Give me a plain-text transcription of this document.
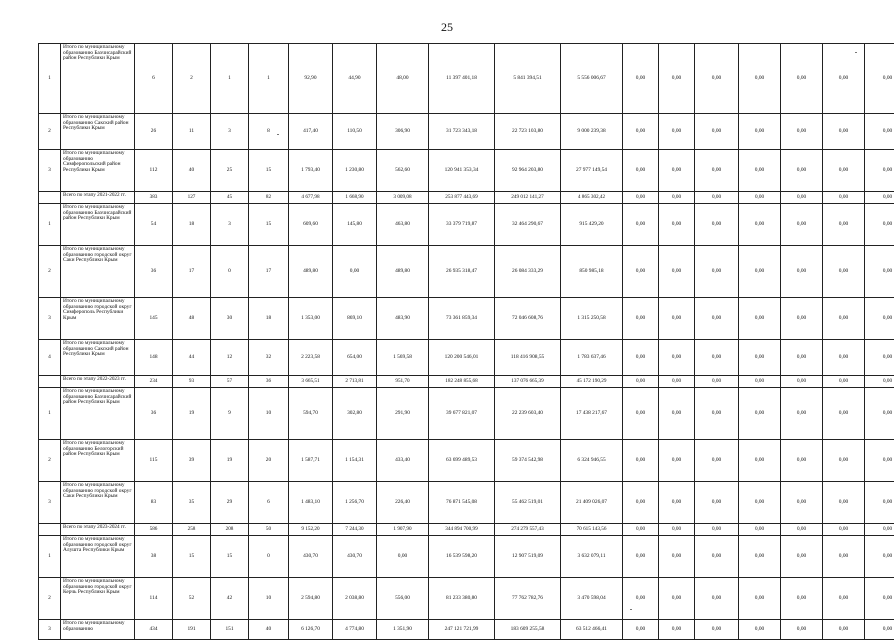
25
1	Итого по муниципальному образованию Бахчисарайский район Республики Крым	6	2	1	1	92,90	44,90	48,00	11 397 401,18	5 841 394,51	5 556 006,67	0,00	0,00	0,00	0,00	0,00	0,00	0,00
2	Итого по муниципальному образованию Сакский район Республики Крым	26	11	3	8	417,40	110,50	306,90	31 723 343,18	22 723 103,80	9 000 239,38	0,00	0,00	0,00	0,00	0,00	0,00	0,00
3	Итого по муниципальному образованию Симферопольский район Республики Крым	112	40	25	15	1 793,40	1 230,80	562,60	120 941 353,34	92 964 203,80	27 977 149,54	0,00	0,00	0,00	0,00	0,00	0,00	0,00
	Всего по этапу 2021-2022 гг.	383	127	45	82	4 677,98	1 668,90	3 009,08	253 877 443,69	249 012 141,27	4 865 302,42	0,00	0,00	0,00	0,00	0,00	0,00	0,00
1	Итого по муниципальному образованию Бахчисарайский район Республики Крым	54	18	3	15	609,60	145,80	463,80	33 379 719,87	32 464 290,67	915 429,20	0,00	0,00	0,00	0,00	0,00	0,00	0,00
2	Итого по муниципальному образованию городской округ Саки Республики Крым	36	17	0	17	489,80	0,00	489,80	26 935 318,47	26 084 333,29	850 985,18	0,00	0,00	0,00	0,00	0,00	0,00	0,00
3	Итого по муниципальному образованию городской округ Симферополь Республики Крым	145	48	30	18	1 353,00	869,10	483,90	73 361 859,34	72 046 608,76	1 315 250,58	0,00	0,00	0,00	0,00	0,00	0,00	0,00
4	Итого по муниципальному образованию Сакский район Республики Крым	148	44	12	32	2 223,58	654,00	1 569,58	120 200 546,01	118 416 908,55	1 783 637,46	0,00	0,00	0,00	0,00	0,00	0,00	0,00
	Всего по этапу 2022-2023 гг.	234	93	57	36	3 665,51	2 713,81	951,70	182 248 855,68	137 076 665,39	45 172 190,29	0,00	0,00	0,00	0,00	0,00	0,00	0,00
1	Итого по муниципальному образованию Бахчисарайский район Республики Крым	36	19	9	10	594,70	302,80	291,90	39 677 821,07	22 239 603,40	17 438 217,67	0,00	0,00	0,00	0,00	0,00	0,00	0,00
2	Итого по муниципальному образованию Белогорский район Республики Крым	115	39	19	20	1 587,71	1 154,31	433,40	63 699 489,53	59 374 542,98	6 324 946,55	0,00	0,00	0,00	0,00	0,00	0,00	0,00
3	Итого по муниципальному образованию городской округ Саки Республики Крым	83	35	29	6	1 483,10	1 256,70	226,40	76 871 545,08	55 462 519,01	21 409 026,07	0,00	0,00	0,00	0,00	0,00	0,00	0,00
	Всего по этапу 2023-2024 гг.	586	258	208	50	9 152,20	7 244,30	1 907,90	344 894 700,99	274 279 557,43	70 615 143,56	0,00	0,00	0,00	0,00	0,00	0,00	0,00
1	Итого по муниципальному образованию городской округ Алушта Республики Крым	38	15	15	0	430,70	430,70	0,00	16 539 598,20	12 907 519,09	3 632 079,11	0,00	0,00	0,00	0,00	0,00	0,00	0,00
2	Итого по муниципальному образованию городской округ Керчь Республики Крым	114	52	42	10	2 594,80	2 038,80	556,00	81 233 380,80	77 762 782,76	3 470 598,04	0,00	0,00	0,00	0,00	0,00	0,00	0,00
3	Итого по муниципальному образованию	434	191	151	40	6 126,70	4 774,80	1 351,90	247 121 721,99	183 609 255,58	63 512 466,41	0,00	0,00	0,00	0,00	0,00	0,00	0,00
